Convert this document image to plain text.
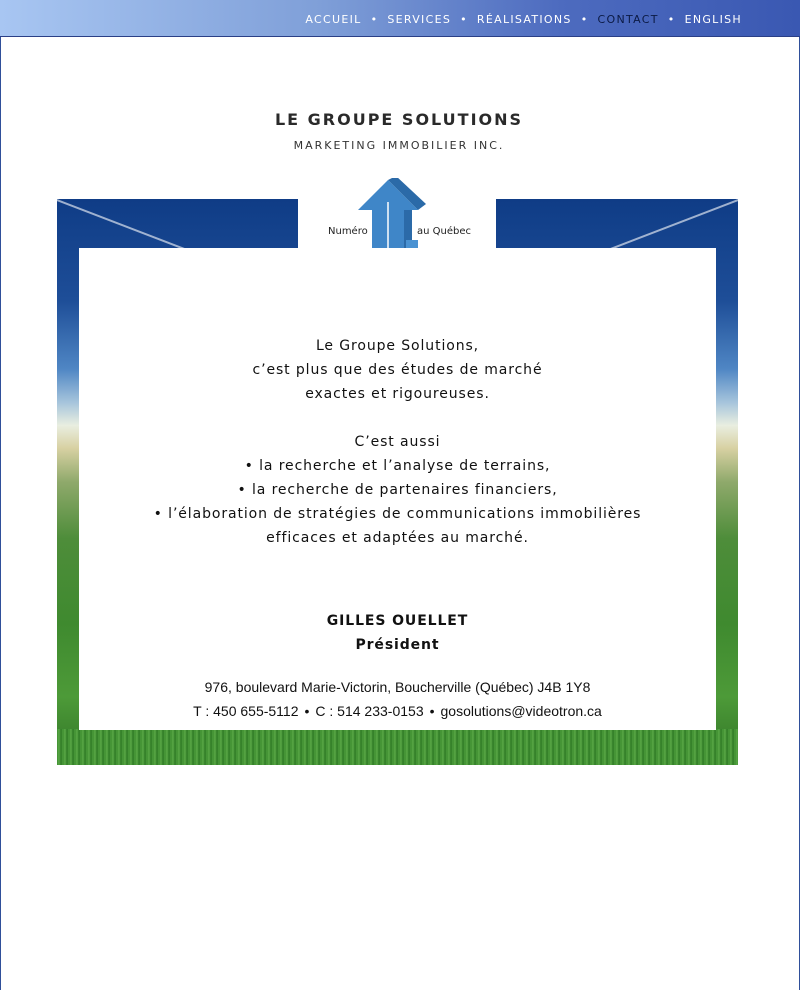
ACCUEIL • SERVICES • RÉALISATIONS • CONTACT • ENGLISH
LE GROUPE SOLUTIONS
MARKETING IMMOBILIER INC.
Numéro	au Québec

Le Groupe Solutions,

c’est plus que des études de marché

exactes et rigoureuses.

C’est aussi

• la recherche et l’analyse de terrains,

• la recherche de partenaires financiers,

• l’élaboration de stratégies de communications immobilières

efficaces et adaptées au marché.

GILLES OUELLET

Président

976, boulevard Marie-Victorin, Boucherville (Québec) J4B 1Y8
T : 450 655-5112 • C : 514 233-0153 • gosolutions@videotron.ca
